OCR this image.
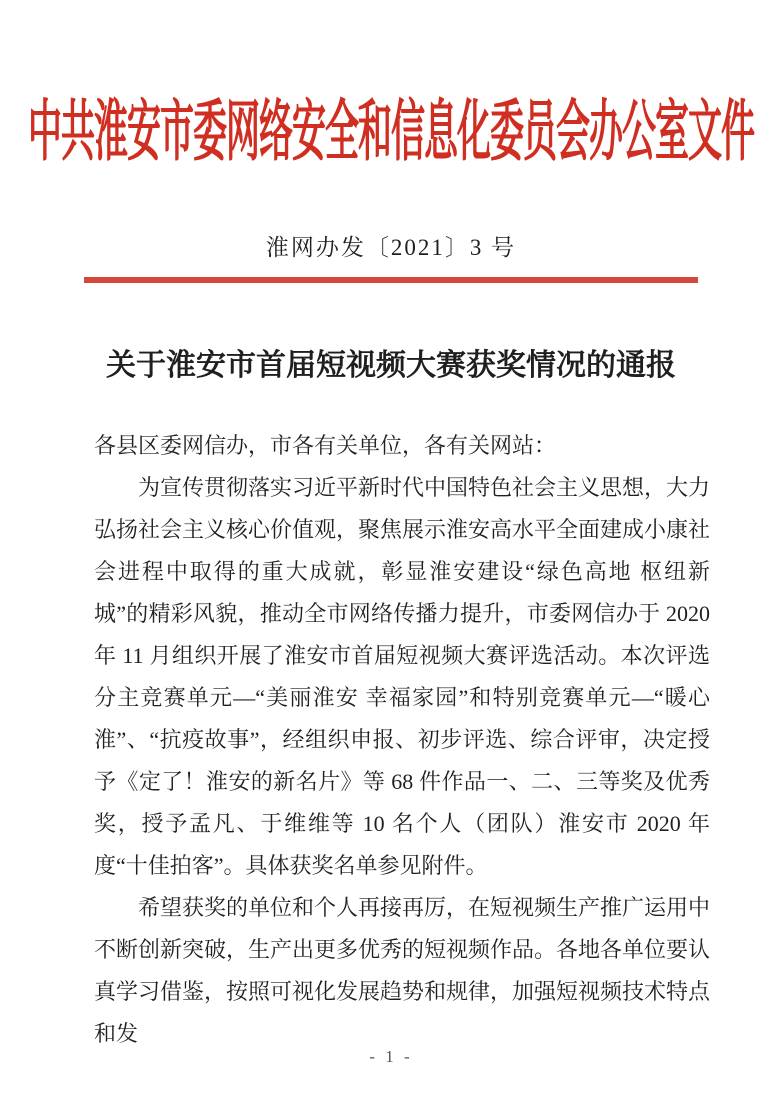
中共淮安市委网络安全和信息化委员会办公室文件
淮网办发〔2021〕3 号
关于淮安市首届短视频大赛获奖情况的通报

各县区委网信办，市各有关单位，各有关网站：

为宣传贯彻落实习近平新时代中国特色社会主义思想，大力弘扬社会主义核心价值观，聚焦展示淮安高水平全面建成小康社会进程中取得的重大成就，彰显淮安建设“绿色高地 枢纽新城”的精彩风貌，推动全市网络传播力提升，市委网信办于 2020 年 11 月组织开展了淮安市首届短视频大赛评选活动。本次评选分主竞赛单元—“美丽淮安 幸福家园”和特别竞赛单元—“暖心淮”、“抗疫故事”，经组织申报、初步评选、综合评审，决定授予《定了！淮安的新名片》等 68 件作品一、二、三等奖及优秀奖，授予孟凡、于维维等 10 名个人（团队）淮安市 2020 年度“十佳拍客”。具体获奖名单参见附件。

希望获奖的单位和个人再接再厉，在短视频生产推广运用中不断创新突破，生产出更多优秀的短视频作品。各地各单位要认真学习借鉴，按照可视化发展趋势和规律，加强短视频技术特点和发

- 1 -
